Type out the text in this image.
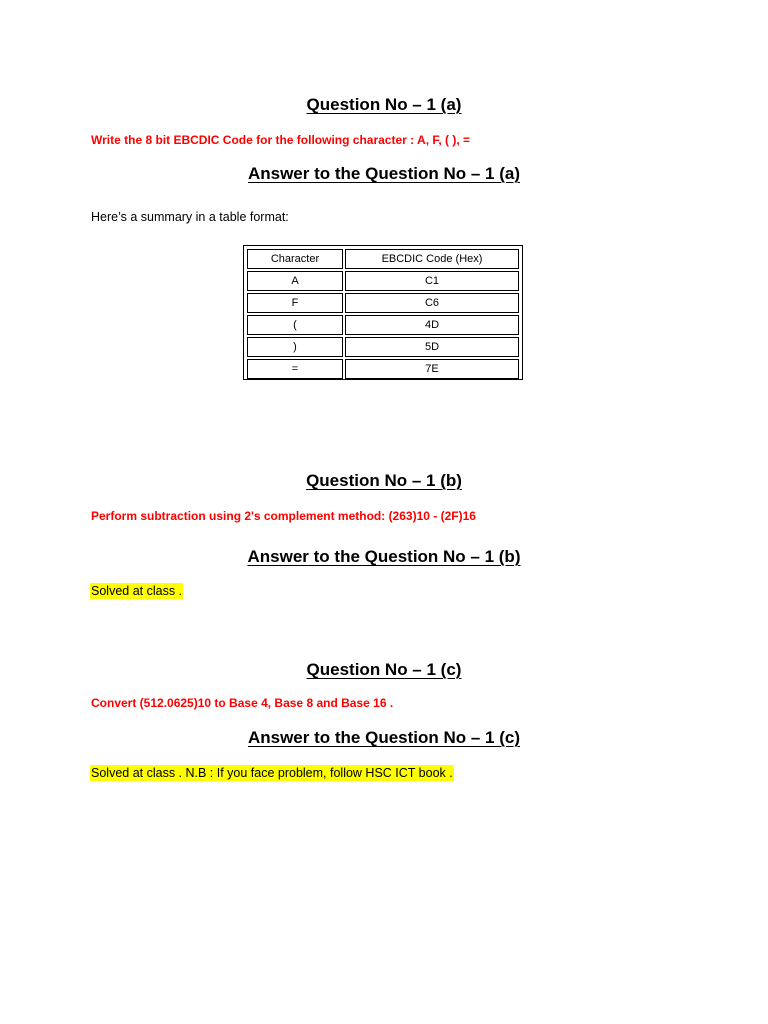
Question No – 1 (a)
Write the 8 bit EBCDIC Code for the following character : A, F, ( ), =
Answer to the Question No – 1 (a)
Here’s a summary in a table format:
Character	EBCDIC Code (Hex)
A	C1
F	C6
(	4D
)	5D
=	7E
Question No – 1 (b)
Perform subtraction using 2's complement method: (263)10 - (2F)16
Answer to the Question No – 1 (b)
Solved at class .
Question No – 1 (c)
Convert (512.0625)10 to Base 4, Base 8 and Base 16 .
Answer to the Question No – 1 (c)
Solved at class . N.B : If you face problem, follow HSC ICT book .
